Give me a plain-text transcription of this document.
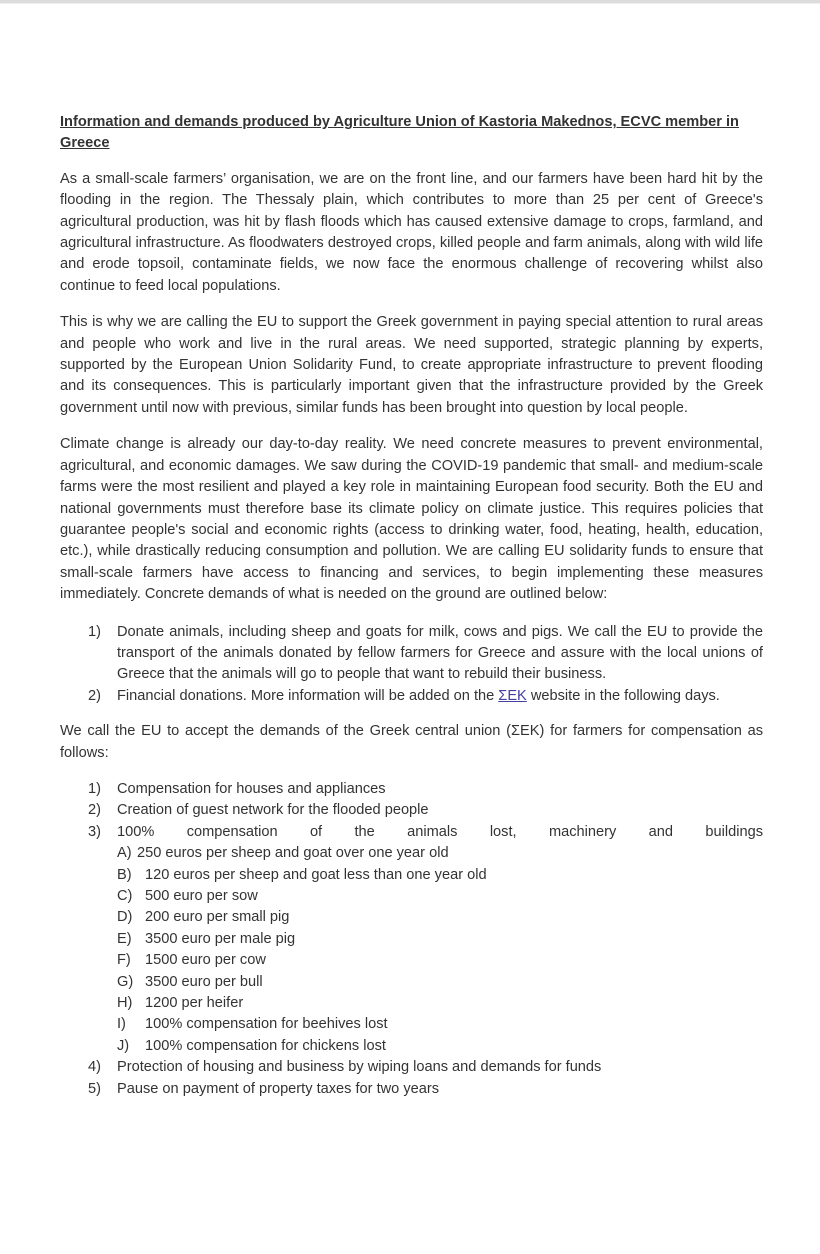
Information and demands produced by Agriculture Union of Kastoria Makednos, ECVC member in Greece

As a small-scale farmers’ organisation, we are on the front line, and our farmers have been hard hit by the flooding in the region. The Thessaly plain, which contributes to more than 25 per cent of Greece's agricultural production, was hit by flash floods which has caused extensive damage to crops, farmland, and agricultural infrastructure. As floodwaters destroyed crops, killed people and farm animals, along with wild life and erode topsoil, contaminate fields, we now face the enormous challenge of recovering whilst also continue to feed local populations.

This is why we are calling the EU to support the Greek government in paying special attention to rural areas and people who work and live in the rural areas. We need supported, strategic planning by experts, supported by the European Union Solidarity Fund, to create appropriate infrastructure to prevent flooding and its consequences. This is particularly important given that the infrastructure provided by the Greek government until now with previous, similar funds has been brought into question by local people.

Climate change is already our day-to-day reality. We need concrete measures to prevent environmental, agricultural, and economic damages. We saw during the COVID-19 pandemic that small- and medium-scale farms were the most resilient and played a key role in maintaining European food security. Both the EU and national governments must therefore base its climate policy on climate justice. This requires policies that guarantee people's social and economic rights (access to drinking water, food, heating, health, education, etc.), while drastically reducing consumption and pollution. We are calling EU solidarity funds to ensure that small-scale farmers have access to financing and services, to begin implementing these measures immediately. Concrete demands of what is needed on the ground are outlined below:

1)	Donate animals, including sheep and goats for milk, cows and pigs. We call the EU to provide the transport of the animals donated by fellow farmers for Greece and assure with the local unions of Greece that the animals will go to people that want to rebuild their business.
2)	Financial donations. More information will be added on the ΣΕΚ website in the following days.

We call the EU to accept the demands of the Greek central union (ΣΕΚ) for farmers for compensation as follows:

1)	Compensation for houses and appliances
2)	Creation of guest network for the flooded people
3)	100% compensation of the animals lost, machinery and buildings
A) 250 euros per sheep and goat over one year old
B) 120 euros per sheep and goat less than one year old
C) 500 euro per sow
D) 200 euro per small pig
E) 3500 euro per male pig
F) 1500 euro per cow
G) 3500 euro per bull
H) 1200 per heifer
I)	100% compensation for beehives lost
J)	100% compensation for chickens lost
4)	Protection of housing and business by wiping loans and demands for funds
5)	Pause on payment of property taxes for two years
